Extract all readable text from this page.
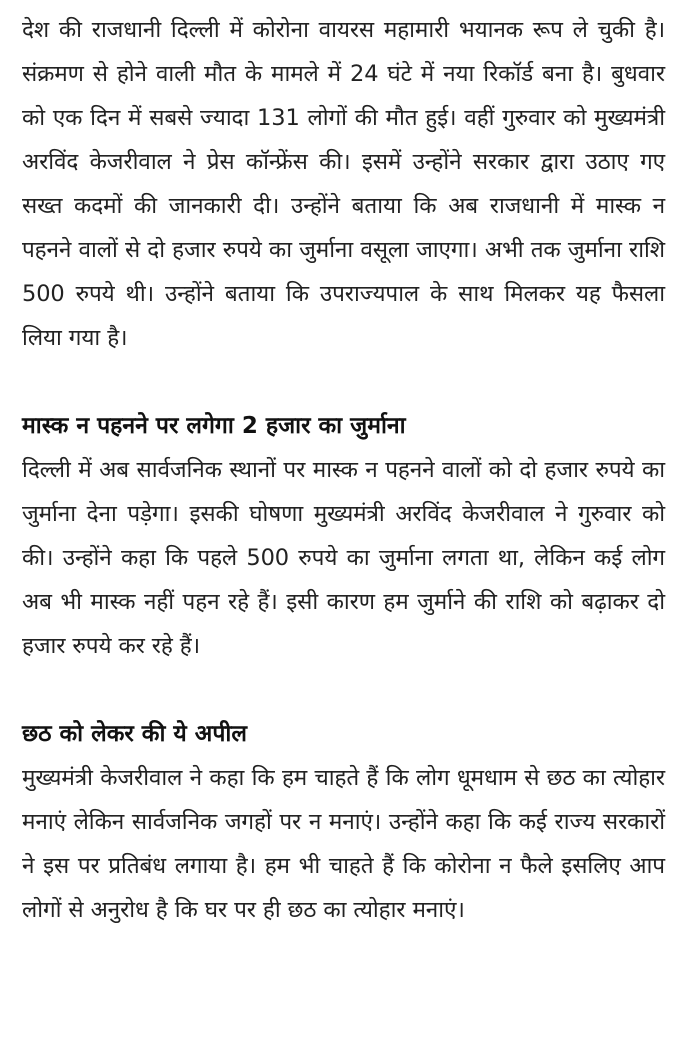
देश की राजधानी दिल्ली में कोरोना वायरस महामारी भयानक रूप ले चुकी है। संक्रमण से होने वाली मौत के मामले में 24 घंटे में नया रिकॉर्ड बना है। बुधवार को एक दिन में सबसे ज्यादा 131 लोगों की मौत हुई। वहीं गुरुवार को मुख्यमंत्री अरविंद केजरीवाल ने प्रेस कॉन्फ्रेंस की। इसमें उन्होंने सरकार द्वारा उठाए गए सख्त कदमों की जानकारी दी। उन्होंने बताया कि अब राजधानी में मास्क न पहनने वालों से दो हजार रुपये का जुर्माना वसूला जाएगा। अभी तक जुर्माना राशि 500 रुपये थी। उन्होंने बताया कि उपराज्यपाल के साथ मिलकर यह फैसला लिया गया है।

मास्क न पहनने पर लगेगा 2 हजार का जुर्माना

दिल्ली में अब सार्वजनिक स्थानों पर मास्क न पहनने वालों को दो हजार रुपये का जुर्माना देना पड़ेगा। इसकी घोषणा मुख्यमंत्री अरविंद केजरीवाल ने गुरुवार को की। उन्होंने कहा कि पहले 500 रुपये का जुर्माना लगता था, लेकिन कई लोग अब भी मास्क नहीं पहन रहे हैं। इसी कारण हम जुर्माने की राशि को बढ़ाकर दो हजार रुपये कर रहे हैं।

छठ को लेकर की ये अपील

मुख्यमंत्री केजरीवाल ने कहा कि हम चाहते हैं कि लोग धूमधाम से छठ का त्योहार मनाएं लेकिन सार्वजनिक जगहों पर न मनाएं। उन्होंने कहा कि कई राज्य सरकारों ने इस पर प्रतिबंध लगाया है। हम भी चाहते हैं कि कोरोना न फैले इसलिए आप लोगों से अनुरोध है कि घर पर ही छठ का त्योहार मनाएं।
